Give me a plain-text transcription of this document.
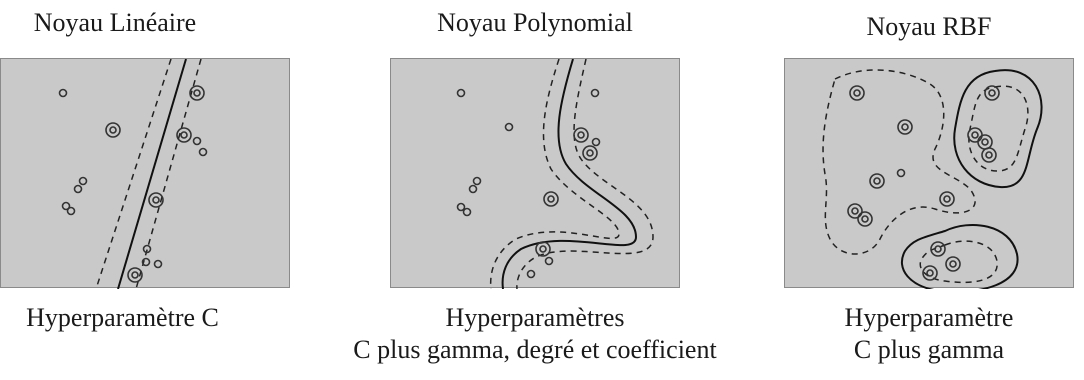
Noyau Linéaire
Hyperparamètre C
Noyau Polynomial
Hyperparamètres
C plus gamma, degré et coefficient
Noyau RBF
Hyperparamètre
C plus gamma
